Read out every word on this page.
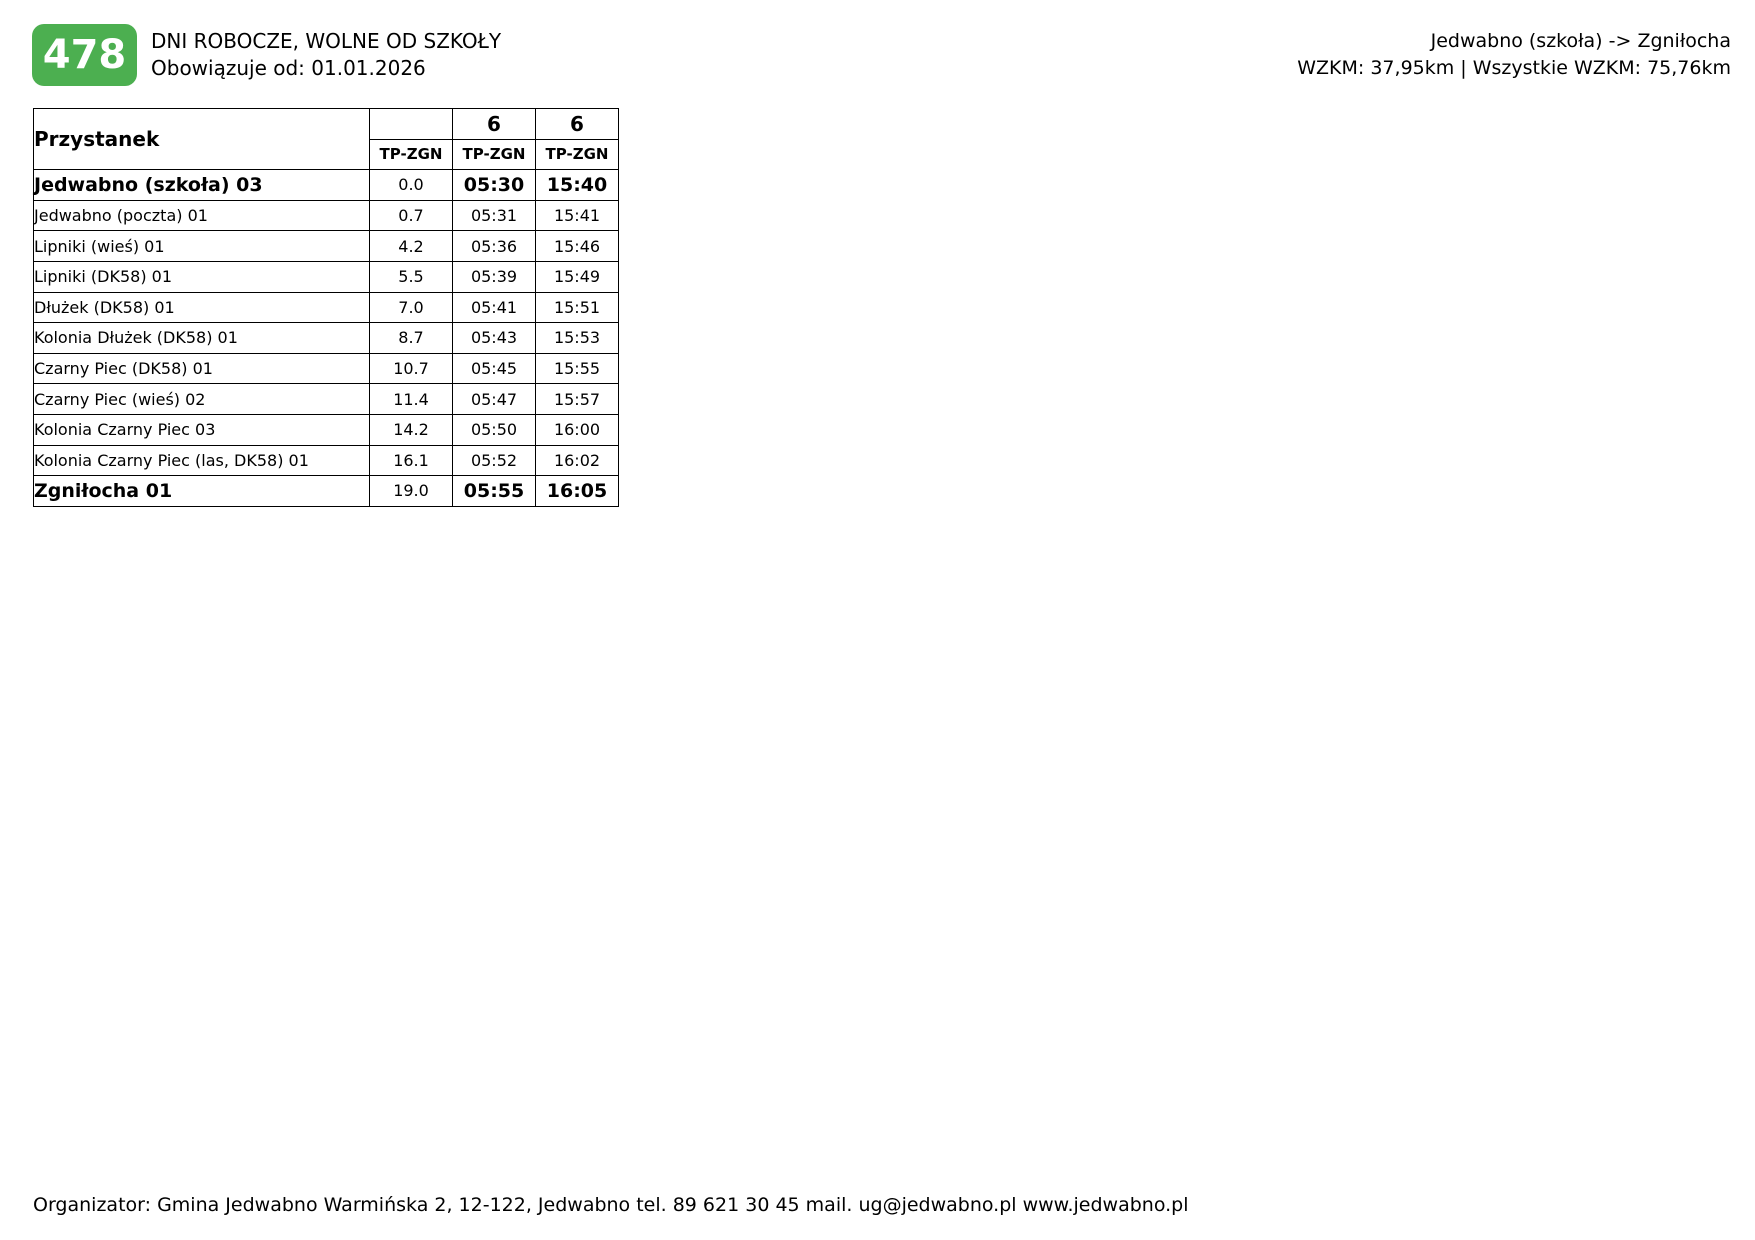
478 DNI ROBOCZE, WOLNE OD SZKOŁY
Obowiązuje od: 01.01.2026
Jedwabno (szkoła) -> Zgniłocha
WZKM: 37,95km | Wszystkie WZKM: 75,76km
Przystanek		6	6
	TP-ZGN	TP-ZGN	TP-ZGN
Jedwabno (szkoła) 03	0.0	05:30	15:40
Jedwabno (poczta) 01	0.7	05:31	15:41
Lipniki (wieś) 01	4.2	05:36	15:46
Lipniki (DK58) 01	5.5	05:39	15:49
Dłużek (DK58) 01	7.0	05:41	15:51
Kolonia Dłużek (DK58) 01	8.7	05:43	15:53
Czarny Piec (DK58) 01	10.7	05:45	15:55
Czarny Piec (wieś) 02	11.4	05:47	15:57
Kolonia Czarny Piec 03	14.2	05:50	16:00
Kolonia Czarny Piec (las, DK58) 01	16.1	05:52	16:02
Zgniłocha 01	19.0	05:55	16:05
Organizator: Gmina Jedwabno Warmińska 2, 12-122, Jedwabno tel. 89 621 30 45 mail. ug@jedwabno.pl www.jedwabno.pl
